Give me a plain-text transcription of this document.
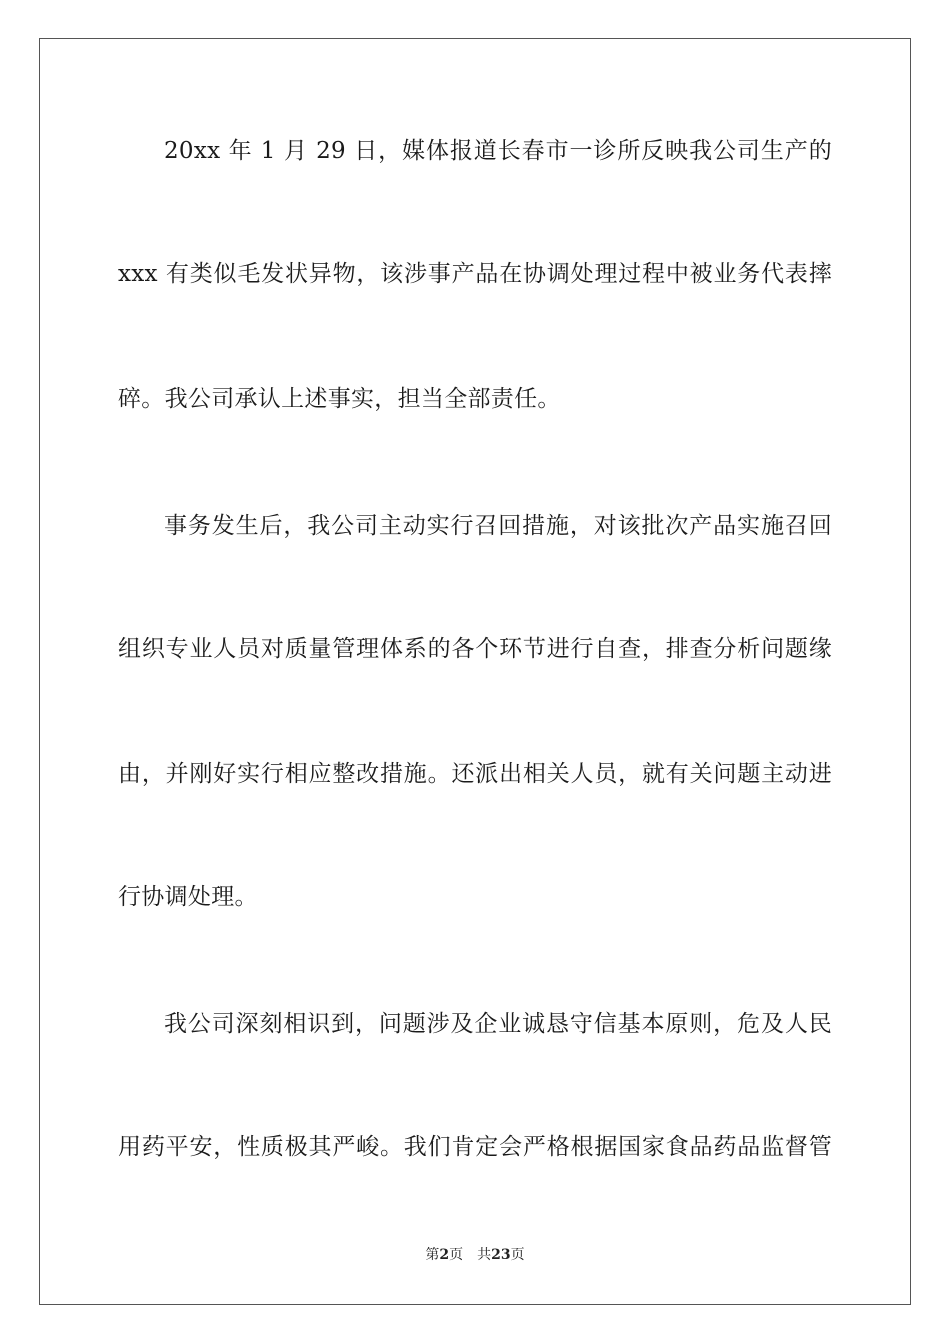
20xx 年 1 月 29 日，媒体报道长春市一诊所反映我公司生产的
xxx 有类似毛发状异物，该涉事产品在协调处理过程中被业务代表摔
碎。我公司承认上述事实，担当全部责任。
事务发生后，我公司主动实行召回措施，对该批次产品实施召回
组织专业人员对质量管理体系的各个环节进行自查，排查分析问题缘
由，并刚好实行相应整改措施。还派出相关人员，就有关问题主动进
行协调处理。
我公司深刻相识到，问题涉及企业诚恳守信基本原则，危及人民
用药平安，性质极其严峻。我们肯定会严格根据国家食品药品监督管
第2页 共23页
